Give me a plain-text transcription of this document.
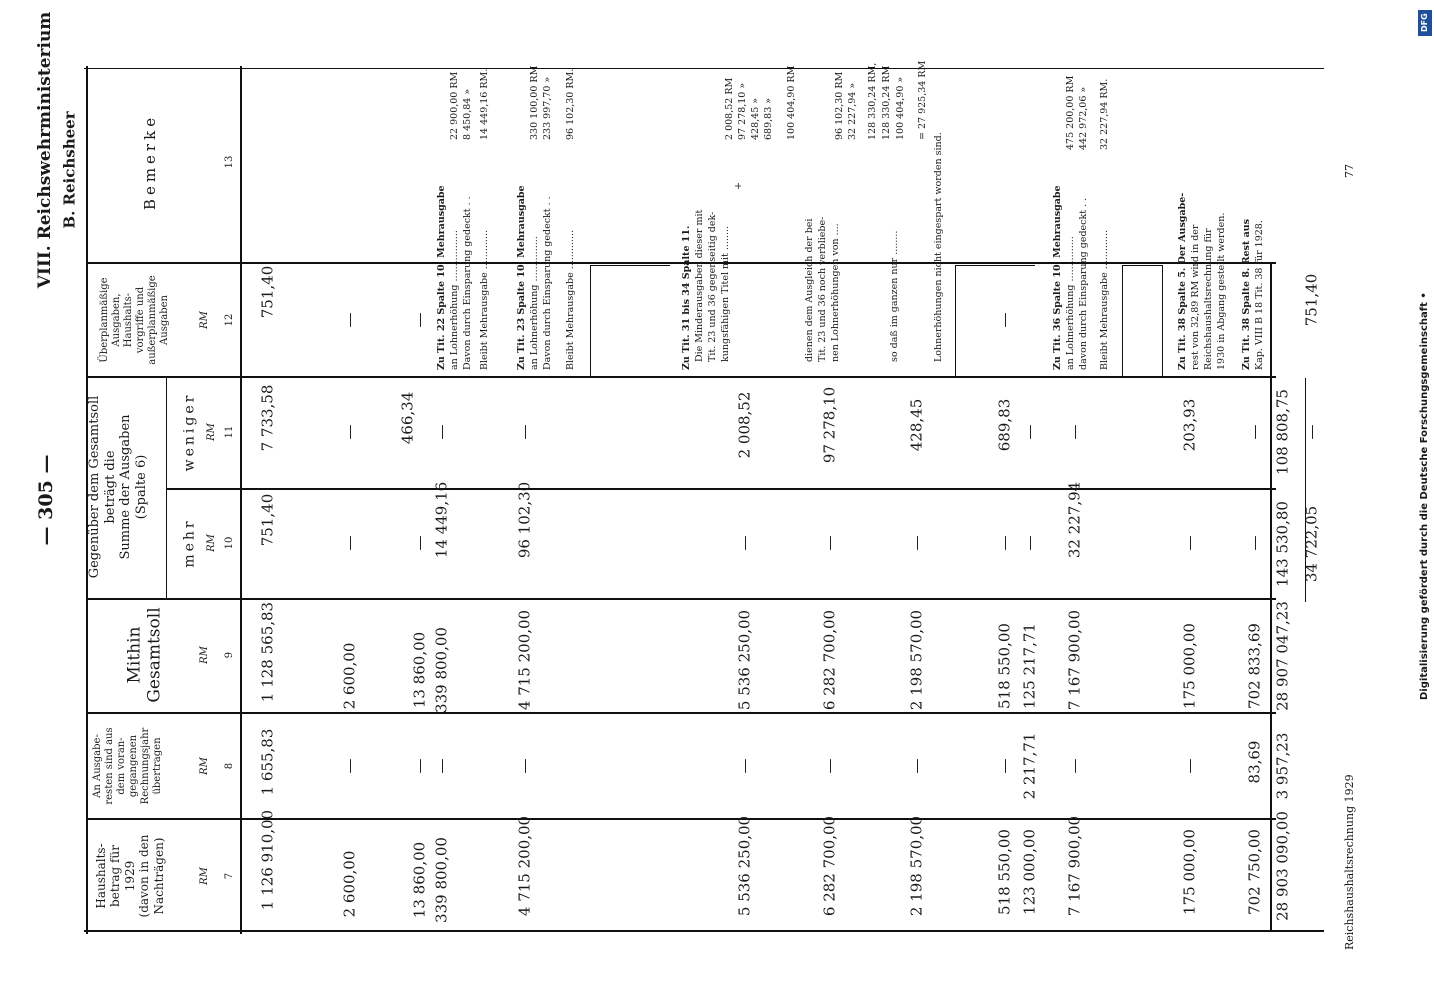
— 305 —
VIII. Reichswehrministerium B. Reichsheer
Haushalts-
betrag für
1929
(davon in den
Nachträgen)
An Ausgabe-
resten sind aus
dem voran-
gegangenen
Rechnungsjahr
übertragen
Mithin
Gesamtsoll
Gegenüber dem Gesamtsoll
beträgt die
Summe der Ausgaben
(Spalte 6)
mehr
weniger
Überplanmäßige
Ausgaben,
Haushalts-
vorgriffe und
außerplanmäßige
Ausgaben
Bemerke
RM
RM
RM
RM
RM
RM
7
8
9
10
11
12
13
1 126 910,00
1 655,83
1 128 565,83
751,40
7 733,58
751,40
2 600,00
—
2 600,00
—
—
—
13 860,00
—
13 860,00
—
466,34
—
339 800,00
—
339 800,00
14 449,16
—
4 715 200,00
—
4 715 200,00
96 102,30
—
5 536 250,00
—
5 536 250,00
—
2 008,52
6 282 700,00
—
6 282 700,00
—
97 278,10
2 198 570,00
—
2 198 570,00
—
428,45
518 550,00
—
518 550,00
—
689,83
—
123 000,00
2 217,71
125 217,71
—
—
7 167 900,00
—
7 167 900,00
32 227,94
—
175 000,00
—
175 000,00
—
203,93
702 750,00
83,69
702 833,69
—
—
28 903 090,00
3 957,23
28 907 047,23
143 530,80
108 808,75
34 722,05
—
751,40
Zu Tit. 22 Spalte 10. Mehrausgabe an Lohnerhöhung .................
22 900,00 RM
Davon durch Einsparung gedeckt . .
8 450,84 »
Bleibt Mehrausgabe .............
14 449,16 RM.
Zu Tit. 23 Spalte 10. Mehrausgabe an Lohnerhöhung ...............
330 100,00 RM
Davon durch Einsparung gedeckt . .
233 997,70 »
Bleibt Mehrausgabe .............
96 102,30 RM.
Zu Tit. 31 bis 34 Spalte 11. Die Minderausgaben dieser mit Tit. 23 und 36 gegenseitig dek- kungsfähigen Titel mit ........
+
2 008,52 RM 97 278,10 » 428,45 » 689,83 » 100 404,90 RM
dienen dem Ausgleich der bei Tit. 23 und 36 noch verbliebe- nen Lohnerhöhungen von ....
96 102,30 RM 32 227,94 » 128 330,24 RM, 128 330,24 RM
so daß im ganzen nur ........
100 404,90 » = 27 925,34 RM
Lohnerhöhungen nicht eingespart worden sind.	Zu Tit. 36 Spalte 10. Mehrausgabe an Lohnerhöhung ...............
475 200,00 RM
davon durch Einsparung gedeckt . .
442 972,06 »
Bleibt Mehrausgabe .............
32 227,94 RM.
Zu Tit. 38 Spalte 5. Der Ausgabe- rest von 32,89 RM wird in der Reichshaushaltsrechnung für 1930 in Abgang gestellt werden. Zu Tit. 38 Spalte 8. Rest aus Kap. VIII B 18 Tit. 38 für 1928.
Reichshaushaltsrechnung 1929
77
Digitalisierung gefördert durch die Deutsche Forschungsgemeinschaft •
DFG
